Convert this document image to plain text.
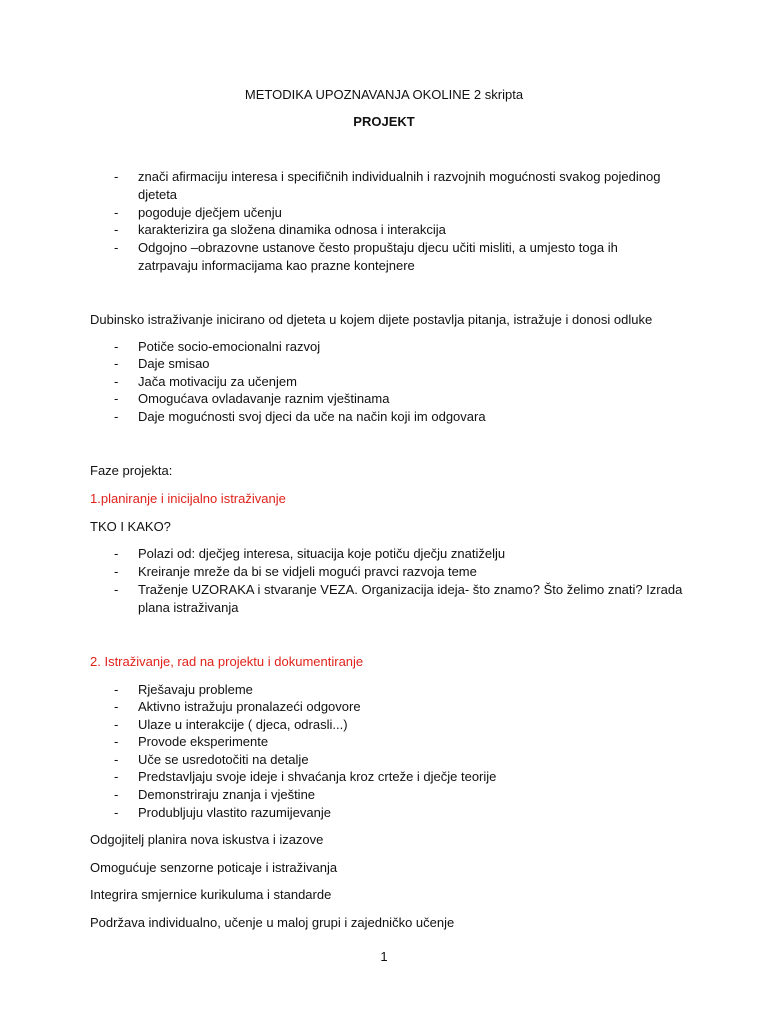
METODIKA UPOZNAVANJA OKOLINE 2 skripta
PROJEKT
- znači afirmaciju interesa i specifičnih individualnih i razvojnih mogućnosti svakog pojedinog
djeteta
- pogoduje dječjem učenju
- karakterizira ga složena dinamika odnosa i interakcija
- Odgojno –obrazovne ustanove često propuštaju djecu učiti misliti, a umjesto toga ih
zatrpavaju informacijama kao prazne kontejnere
Dubinsko istraživanje inicirano od djeteta u kojem dijete postavlja pitanja, istražuje i donosi odluke
- Potiče socio-emocionalni razvoj
- Daje smisao
- Jača motivaciju za učenjem
- Omogućava ovladavanje raznim vještinama
- Daje mogućnosti svoj djeci da uče na način koji im odgovara
Faze projekta:
1.planiranje i inicijalno istraživanje
TKO I KAKO?
- Polazi od: dječjeg interesa, situacija koje potiču dječju znatiželju
- Kreiranje mreže da bi se vidjeli mogući pravci razvoja teme
- Traženje UZORAKA i stvaranje VEZA. Organizacija ideja- što znamo? Što želimo znati? Izrada
plana istraživanja
2. Istraživanje, rad na projektu i dokumentiranje
- Rješavaju probleme
- Aktivno istražuju pronalazeći odgovore
- Ulaze u interakcije ( djeca, odrasli...)
- Provode eksperimente
- Uče se usredotočiti na detalje
- Predstavljaju svoje ideje i shvaćanja kroz crteže i dječje teorije
- Demonstriraju znanja i vještine
- Produbljuju vlastito razumijevanje
Odgojitelj planira nova iskustva i izazove
Omogućuje senzorne poticaje i istraživanja
Integrira smjernice kurikuluma i standarde
Podržava individualno, učenje u maloj grupi i zajedničko učenje
1
